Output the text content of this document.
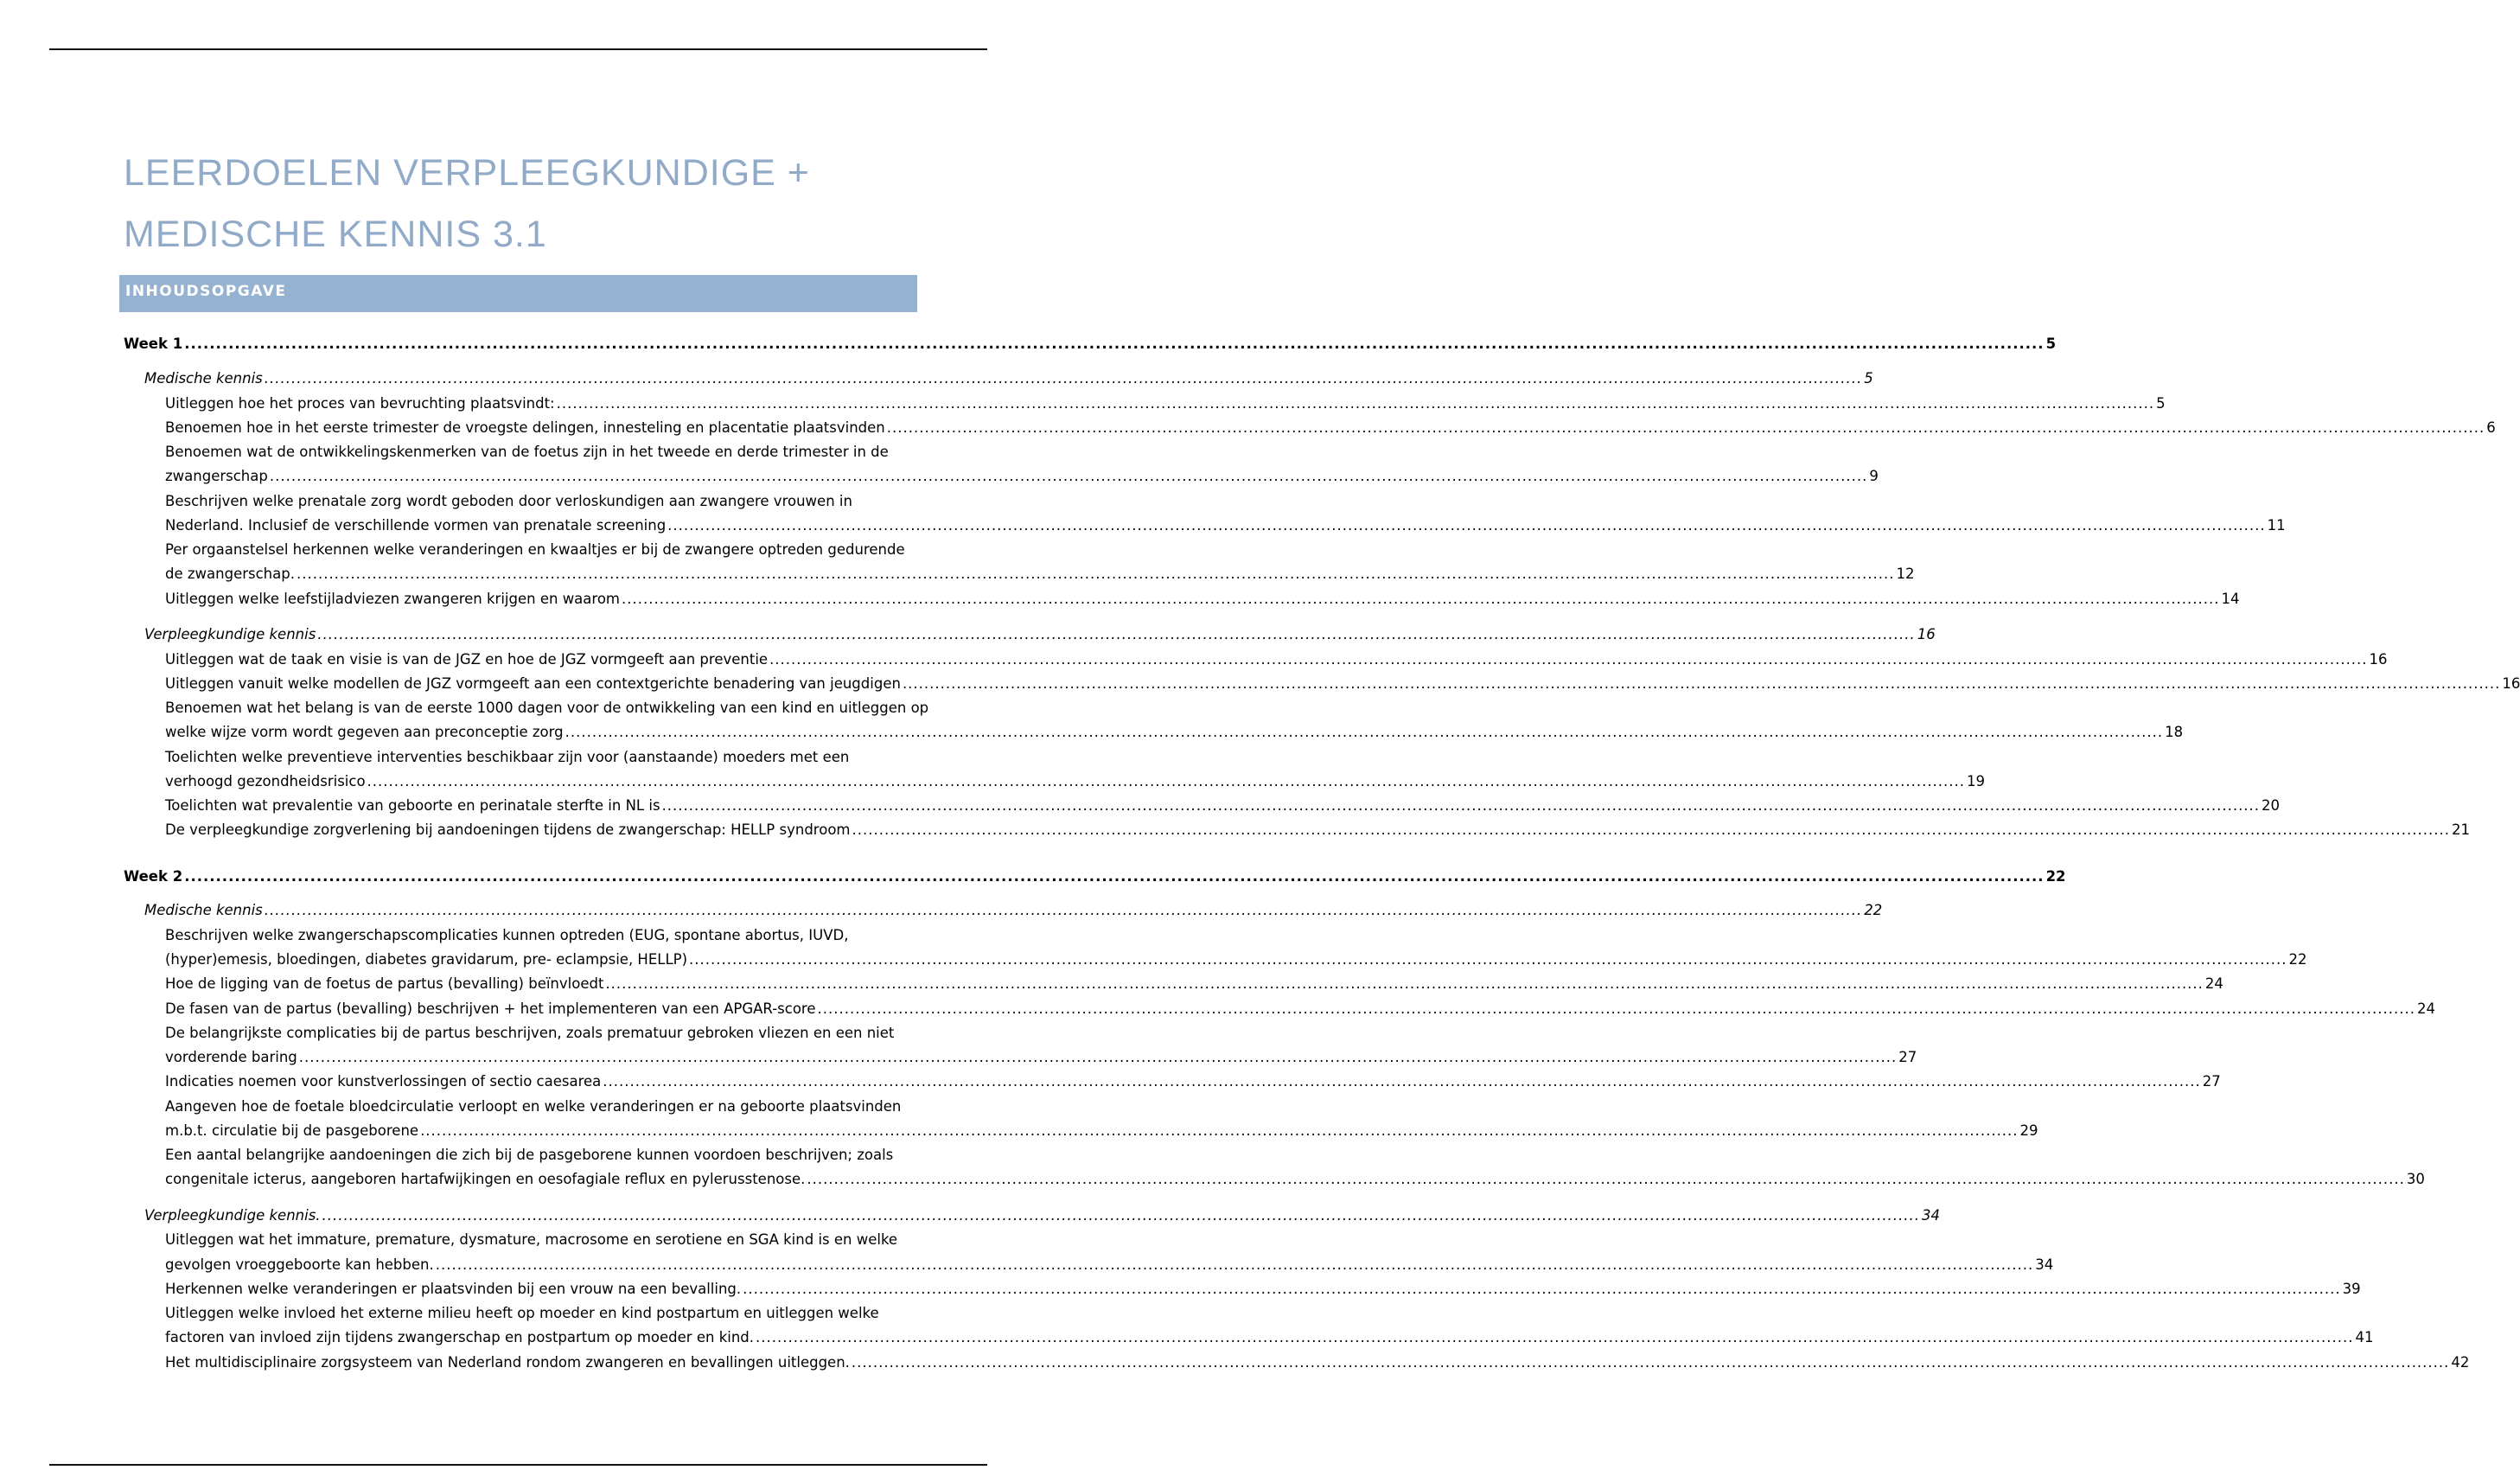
LEERDOELEN VERPLEEGKUNDIGE +
MEDISCHE KENNIS 3.1
INHOUDSOPGAVE
Week 1 .....	5
Medische kennis .....	5
Uitleggen hoe het proces van bevruchting plaatsvindt: .....	5
Benoemen hoe in het eerste trimester de vroegste delingen, innesteling en placentatie plaatsvinden .....	6
Benoemen wat de ontwikkelingskenmerken van de foetus zijn in het tweede en derde trimester in de
zwangerschap .....	9
Beschrijven welke prenatale zorg wordt geboden door verloskundigen aan zwangere vrouwen in
Nederland. Inclusief de verschillende vormen van prenatale screening .....	11
Per orgaanstelsel herkennen welke veranderingen en kwaaltjes er bij de zwangere optreden gedurende
de zwangerschap. .....	12
Uitleggen welke leefstijladviezen zwangeren krijgen en waarom .....	14
Verpleegkundige kennis .....	16
Uitleggen wat de taak en visie is van de JGZ en hoe de JGZ vormgeeft aan preventie .....	16
Uitleggen vanuit welke modellen de JGZ vormgeeft aan een contextgerichte benadering van jeugdigen .....	16
Benoemen wat het belang is van de eerste 1000 dagen voor de ontwikkeling van een kind en uitleggen op
welke wijze vorm wordt gegeven aan preconceptie zorg .....	18
Toelichten welke preventieve interventies beschikbaar zijn voor (aanstaande) moeders met een
verhoogd gezondheidsrisico .....	19
Toelichten wat prevalentie van geboorte en perinatale sterfte in NL is .....	20
De verpleegkundige zorgverlening bij aandoeningen tijdens de zwangerschap: HELLP syndroom .....	21
Week 2 .....	22
Medische kennis .....	22
Beschrijven welke zwangerschapscomplicaties kunnen optreden (EUG, spontane abortus, IUVD,
(hyper)emesis, bloedingen, diabetes gravidarum, pre- eclampsie, HELLP) .....	22
Hoe de ligging van de foetus de partus (bevalling) beïnvloedt .....	24
De fasen van de partus (bevalling) beschrijven + het implementeren van een APGAR-score .....	24
De belangrijkste complicaties bij de partus beschrijven, zoals prematuur gebroken vliezen en een niet
vorderende baring .....	27
Indicaties noemen voor kunstverlossingen of sectio caesarea .....	27
Aangeven hoe de foetale bloedcirculatie verloopt en welke veranderingen er na geboorte plaatsvinden
m.b.t. circulatie bij de pasgeborene .....	29
Een aantal belangrijke aandoeningen die zich bij de pasgeborene kunnen voordoen beschrijven; zoals
congenitale icterus, aangeboren hartafwijkingen en oesofagiale reflux en pylerusstenose. .....	30
Verpleegkundige kennis. .....	34
Uitleggen wat het immature, premature, dysmature, macrosome en serotiene en SGA kind is en welke
gevolgen vroeggeboorte kan hebben. .....	34
Herkennen welke veranderingen er plaatsvinden bij een vrouw na een bevalling. .....	39
Uitleggen welke invloed het externe milieu heeft op moeder en kind postpartum en uitleggen welke
factoren van invloed zijn tijdens zwangerschap en postpartum op moeder en kind. .....	41
Het multidisciplinaire zorgsysteem van Nederland rondom zwangeren en bevallingen uitleggen. .....	42
